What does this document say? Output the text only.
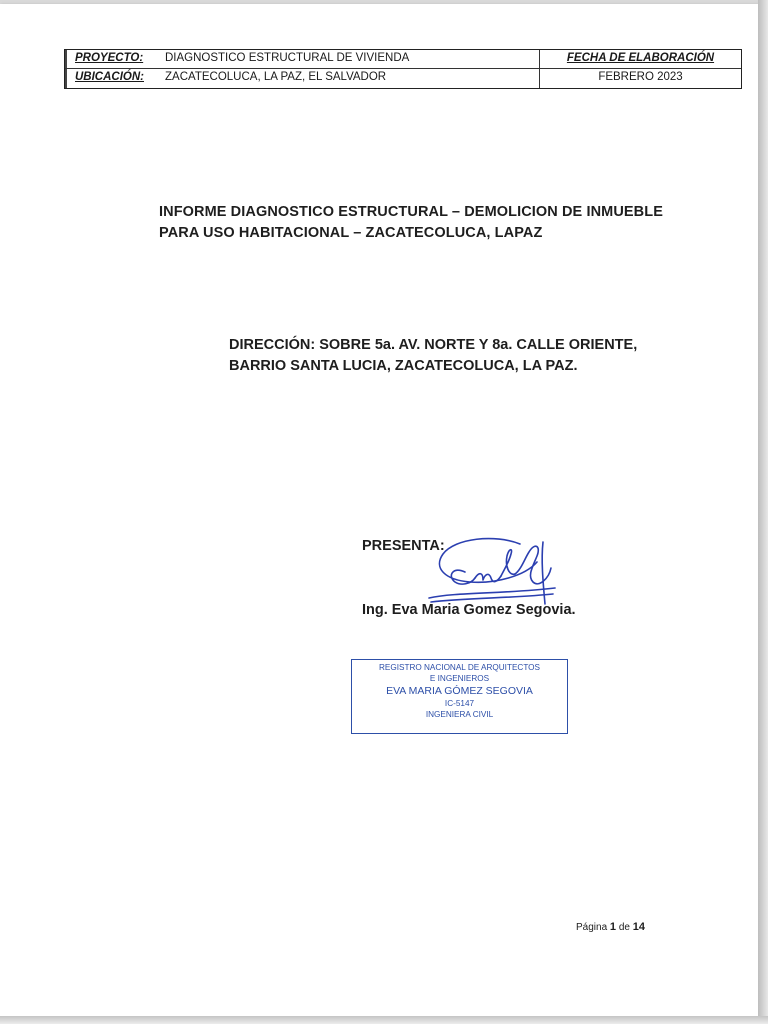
PROYECTO: DIAGNOSTICO ESTRUCTURAL DE VIVIENDA	FECHA DE ELABORACIÓN
UBICACIÓN: ZACATECOLUCA, LA PAZ, EL SALVADOR	FEBRERO 2023
INFORME DIAGNOSTICO ESTRUCTURAL – DEMOLICION DE INMUEBLE
PARA USO HABITACIONAL – ZACATECOLUCA, LAPAZ
DIRECCIÓN: SOBRE 5a. AV. NORTE Y 8a. CALLE ORIENTE,
BARRIO SANTA LUCIA, ZACATECOLUCA, LA PAZ.
PRESENTA:
Ing. Eva Maria Gomez Segovia.
REGISTRO NACIONAL DE ARQUITECTOS
E INGENIEROS
EVA MARIA GÓMEZ SEGOVIA
IC-5147
INGENIERA CIVIL
Página 1 de 14
